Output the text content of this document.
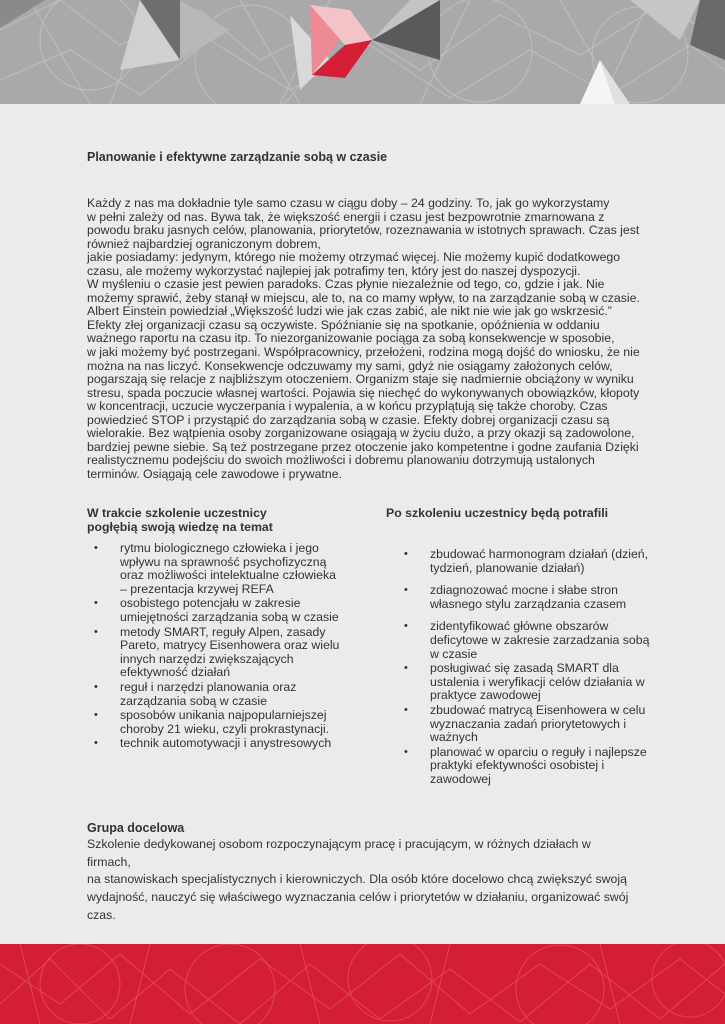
Planowanie i efektywne zarządzanie sobą w czasie
Każdy z nas ma dokładnie tyle samo czasu w ciągu doby – 24 godziny. To, jak go wykorzystamy
w pełni zależy od nas. Bywa tak, że większość energii i czasu jest bezpowrotnie zmarnowana z
powodu braku jasnych celów, planowania, priorytetów, rozeznawania w istotnych sprawach. Czas jest
również najbardziej ograniczonym dobrem,
jakie posiadamy: jedynym, którego nie możemy otrzymać więcej. Nie możemy kupić dodatkowego
czasu, ale możemy wykorzystać najlepiej jak potrafimy ten, który jest do naszej dyspozycji.
W myśleniu o czasie jest pewien paradoks. Czas płynie niezależnie od tego, co, gdzie i jak. Nie
możemy sprawić, żeby stanął w miejscu, ale to, na co mamy wpływ, to na zarządzanie sobą w czasie.
Albert Einstein powiedział „Większość ludzi wie jak czas zabić, ale nikt nie wie jak go wskrzesić.”
Efekty złej organizacji czasu są oczywiste. Spóźnianie się na spotkanie, opóźnienia w oddaniu
ważnego raportu na czasu itp. To niezorganizowanie pociąga za sobą konsekwencje w sposobie,
w jaki możemy być postrzegani. Współpracownicy, przełożeni, rodzina mogą dojść do wniosku, że nie
można na nas liczyć. Konsekwencje odczuwamy my sami, gdyż nie osiągamy założonych celów,
pogarszają się relacje z najbliższym otoczeniem. Organizm staje się nadmiernie obciążony w wyniku
stresu, spada poczucie własnej wartości. Pojawia się niechęć do wykonywanych obowiązków, kłopoty
w koncentracji, uczucie wyczerpania i wypalenia, a w końcu przyplątują się także choroby. Czas
powiedzieć STOP i przystąpić do zarządzania sobą w czasie. Efekty dobrej organizacji czasu są
wielorakie. Bez wątpienia osoby zorganizowane osiągają w życiu dużo, a przy okazji są zadowolone,
bardziej pewne siebie. Są też postrzegane przez otoczenie jako kompetentne i godne zaufania Dzięki
realistycznemu podejściu do swoich możliwości i dobremu planowaniu dotrzymują ustalonych
terminów. Osiągają cele zawodowe i prywatne.
W trakcie szkolenie uczestnicy
pogłębią swoją wiedzę na temat
• rytmu biologicznego człowieka i jego
wpływu na sprawność psychofizyczną
oraz możliwości intelektualne człowieka
– prezentacja krzywej REFA
• osobistego potencjału w zakresie
umiejętności zarządzania sobą w czasie
• metody SMART, reguły Alpen, zasady
Pareto, matrycy Eisenhowera oraz wielu
innych narzędzi zwiększających
efektywność działań
• reguł i narzędzi planowania oraz
zarządzania sobą w czasie
• sposobów unikania najpopularniejszej
choroby 21 wieku, czyli prokrastynacji.
• technik automotywacji i anystresowych
Po szkoleniu uczestnicy będą potrafili
• zbudować harmonogram działań (dzień,
tydzień, planowanie działań)
• zdiagnozować mocne i słabe stron
własnego stylu zarządzania czasem
• zidentyfikować główne obszarów
deficytowe w zakresie zarzadzania sobą
w czasie
• posługiwać się zasadą SMART dla
ustalenia i weryfikacji celów działania w
praktyce zawodowej
• zbudować matrycą Eisenhowera w celu
wyznaczania zadań priorytetowych i
ważnych
• planować w oparciu o reguły i najlepsze
praktyki efektywności osobistej i
zawodowej
Grupa docelowa
Szkolenie dedykowanej osobom rozpoczynającym pracę i pracującym, w różnych działach w
firmach,
na stanowiskach specjalistycznych i kierowniczych. Dla osób które docelowo chcą zwiększyć swoją
wydajność, nauczyć się właściwego wyznaczania celów i priorytetów w działaniu, organizować swój
czas.
